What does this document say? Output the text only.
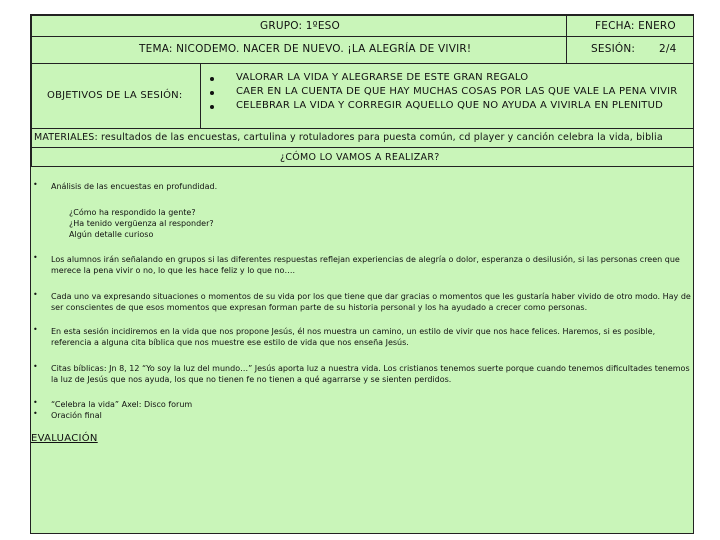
GRUPO: 1ºESO	FECHA: ENERO
TEMA: NICODEMO. NACER DE NUEVO. ¡LA ALEGRÍA DE VIVIR!	SESIÓN: 2/4
OBJETIVOS DE LA SESIÓN:
VALORAR LA VIDA Y ALEGRARSE DE ESTE GRAN REGALO
CAER EN LA CUENTA DE QUE HAY MUCHAS COSAS POR LAS QUE VALE LA PENA VIVIR
CELEBRAR LA VIDA Y CORREGIR AQUELLO QUE NO AYUDA A VIVIRLA EN PLENITUD
MATERIALES: resultados de las encuestas, cartulina y rotuladores para puesta común, cd player y canción celebra la vida, biblia
¿CÓMO LO VAMOS A REALIZAR?
• Análisis de las encuestas en profundidad.
¿Cómo ha respondido la gente?
¿Ha tenido vergüenza al responder?
Algún detalle curioso
• Los alumnos irán señalando en grupos si las diferentes respuestas reflejan experiencias de alegría o dolor, esperanza o desilusión, si las personas creen que
merece la pena vivir o no, lo que les hace feliz y lo que no….
• Cada uno va expresando situaciones o momentos de su vida por los que tiene que dar gracias o momentos que les gustaría haber vivido de otro modo. Hay de
ser conscientes de que esos momentos que expresan forman parte de su historia personal y los ha ayudado a crecer como personas.
• En esta sesión incidiremos en la vida que nos propone Jesús, él nos muestra un camino, un estilo de vivir que nos hace felices. Haremos, si es posible,
referencia a alguna cita bíblica que nos muestre ese estilo de vida que nos enseña Jesús.
• Citas bíblicas: Jn 8, 12 “Yo soy la luz del mundo…” Jesús aporta luz a nuestra vida. Los cristianos tenemos suerte porque cuando tenemos dificultades tenemos
la luz de Jesús que nos ayuda, los que no tienen fe no tienen a qué agarrarse y se sienten perdidos.
• “Celebra la vida” Axel: Disco forum
• Oración final
EVALUACIÓN
